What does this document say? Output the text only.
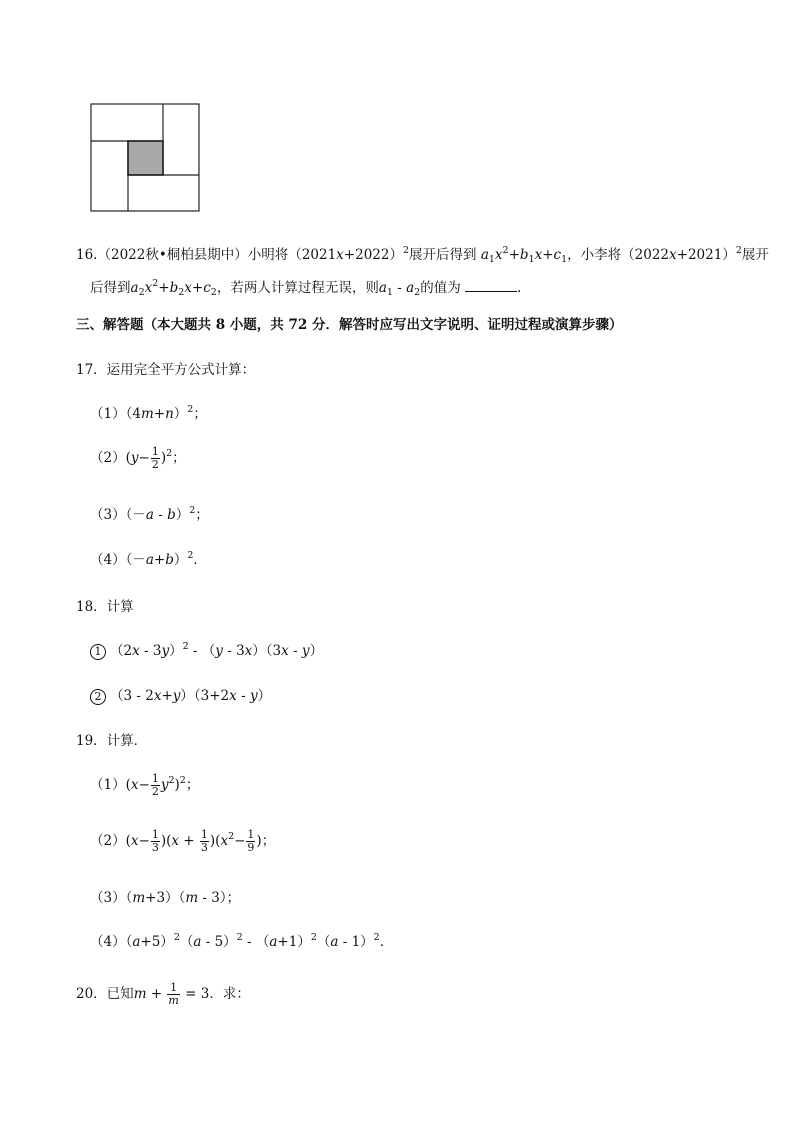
16.（2022秋•桐柏县期中）小明将$(2021x+2022)^2$展开后得到 $a_1x^2+b_1x+c_1$，小李将$(2022x+2021)^2$展开
后得到$a_2x^2+b_2x+c_2$，若两人计算过程无误，则$a_1 - a_2$的值为	.
三、解答题（本大题共 8 小题，共 72 分．解答时应写出文字说明、证明过程或演算步骤）
17．运用完全平方公式计算：
$(1)(4m+n)^2$；
$(2)(y- \frac{1}{2} )^2$；
$(3)(-a - b)^2$；
$(4)(-a+b)^2$．
18．计算
1 （2x - 3y）$^2$ - （y - 3x）（3x - y）
2 （3 - 2x+y）（3+2x - y）
19．计算．
$(1)(x- \frac{1}{2} y^2)^2$；
$(2)(x- \frac{1}{3} )(x + \frac{1}{3} )(x^2- \frac{1}{9}$ )；
（3）（m+3）（m - 3）；
$(4)(a+5)^2(a - 5)^2 - (a+1)^2(a - 1)^2$．
20．已知$m + \frac{1}{m} = 3$．求：
